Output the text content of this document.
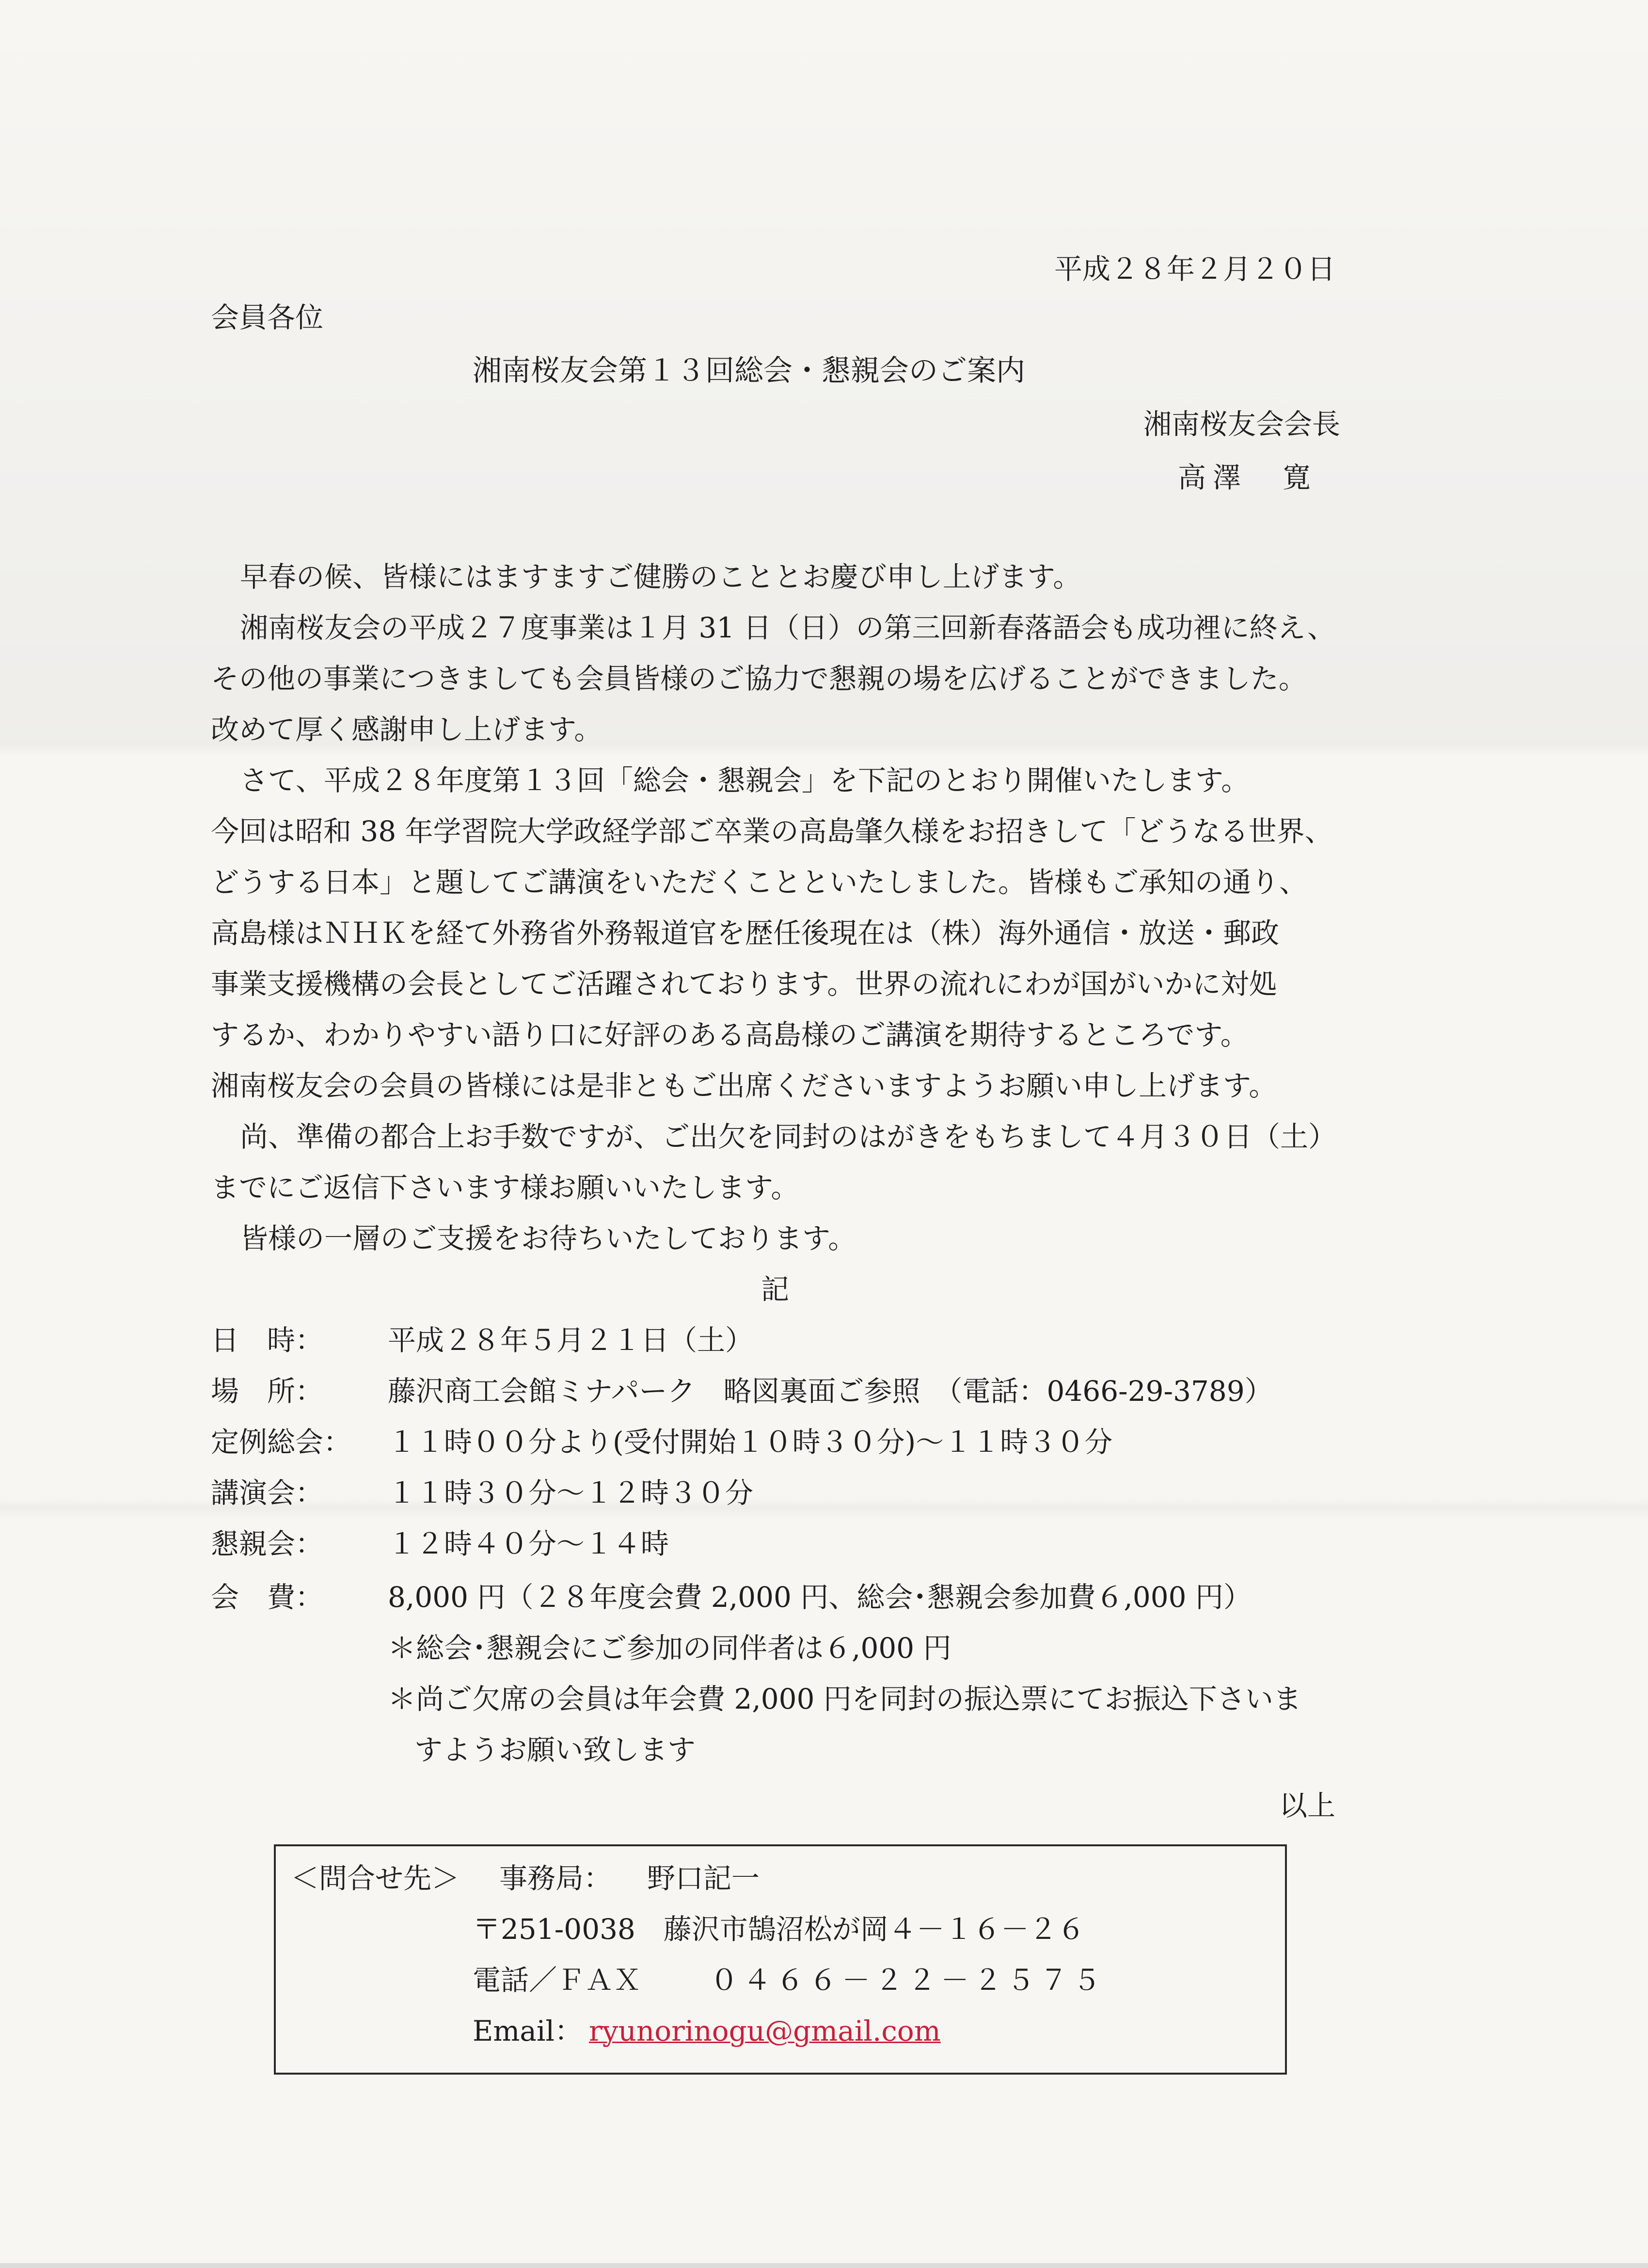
平成２８年２月２０日
会員各位
湘南桜友会第１３回総会・懇親会のご案内
湘南桜友会会長
高澤　寛
早春の候、皆様にはますますご健勝のこととお慶び申し上げます。
湘南桜友会の平成２７度事業は１月 31 日（日）の第三回新春落語会も成功裡に終え、
その他の事業につきましても会員皆様のご協力で懇親の場を広げることができました。
改めて厚く感謝申し上げます。
さて、平成２８年度第１３回「総会・懇親会」を下記のとおり開催いたします。
今回は昭和 38 年学習院大学政経学部ご卒業の高島肇久様をお招きして「どうなる世界、
どうする日本」と題してご講演をいただくことといたしました。皆様もご承知の通り、
高島様はＮＨＫを経て外務省外務報道官を歴任後現在は（株）海外通信・放送・郵政
事業支援機構の会長としてご活躍されております。世界の流れにわが国がいかに対処
するか、わかりやすい語り口に好評のある高島様のご講演を期待するところです。
湘南桜友会の会員の皆様には是非ともご出席くださいますようお願い申し上げます。
尚、準備の都合上お手数ですが、ご出欠を同封のはがきをもちまして４月３０日（土）
までにご返信下さいます様お願いいたします。
皆様の一層のご支援をお待ちいたしております。
記
日　時： 平成２８年５月２１日（土）
場　所： 藤沢商工会館ミナパーク　略図裏面ご参照　（電話：0466-29-3789）
定例総会： １１時００分より(受付開始１０時３０分)～１１時３０分
講演会： １１時３０分～１２時３０分
懇親会： １２時４０分～１４時
会　費： 8,000 円（２８年度会費 2,000 円、総会･懇親会参加費６,000 円）
＊総会･懇親会にご参加の同伴者は６,000 円
＊尚ご欠席の会員は年会費 2,000 円を同封の振込票にてお振込下さいま
すようお願い致します
以上
＜問合せ先＞ 事務局： 野口記一
〒251-0038　藤沢市鵠沼松が岡４－１６－２６
電話／ＦＡＸ ０４６６－２２－２５７５
Email： ryunorinogu@gmail.com
